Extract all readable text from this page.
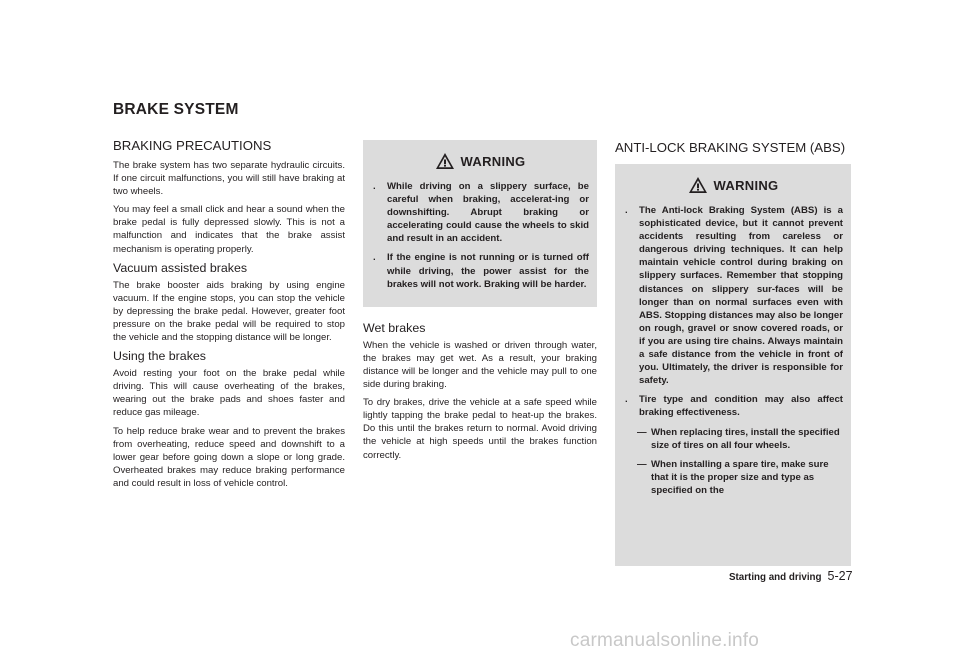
BRAKE SYSTEM
BRAKING PRECAUTIONS

The brake system has two separate hydraulic circuits. If one circuit malfunctions, you will still have braking at two wheels.

You may feel a small click and hear a sound when the brake pedal is fully depressed slowly. This is not a malfunction and indicates that the brake assist mechanism is operating properly.

Vacuum assisted brakes

The brake booster aids braking by using engine vacuum. If the engine stops, you can stop the vehicle by depressing the brake pedal. However, greater foot pressure on the brake pedal will be required to stop the vehicle and the stopping distance will be longer.

Using the brakes

Avoid resting your foot on the brake pedal while driving. This will cause overheating of the brakes, wearing out the brake pads and shoes faster and reduce gas mileage.

To help reduce brake wear and to prevent the brakes from overheating, reduce speed and downshift to a lower gear before going down a slope or long grade. Overheated brakes may reduce braking performance and could result in loss of vehicle control.

WARNING
.	While driving on a slippery surface, be careful when braking, accelerat-ing or downshifting. Abrupt braking or accelerating could cause the wheels to skid and result in an accident.
.	If the engine is not running or is turned off while driving, the power assist for the brakes will not work. Braking will be harder.
Wet brakes

When the vehicle is washed or driven through water, the brakes may get wet. As a result, your braking distance will be longer and the vehicle may pull to one side during braking.

To dry brakes, drive the vehicle at a safe speed while lightly tapping the brake pedal to heat-up the brakes. Do this until the brakes return to normal. Avoid driving the vehicle at high speeds until the brakes function correctly.

ANTI-LOCK BRAKING SYSTEM (ABS)
WARNING
.	The Anti-lock Braking System (ABS) is a sophisticated device, but it cannot prevent accidents resulting from careless or dangerous driving techniques. It can help maintain vehicle control during braking on slippery surfaces. Remember that stopping distances on slippery sur-faces will be longer than on normal surfaces even with ABS. Stopping distances may also be longer on rough, gravel or snow covered roads, or if you are using tire chains. Always maintain a safe distance from the vehicle in front of you. Ultimately, the driver is responsible for safety.
.	Tire type and condition may also affect braking effectiveness.
— When replacing tires, install the specified size of tires on all four wheels.
— When installing a spare tire, make sure that it is the proper size and type as specified on the
Starting and driving 5-27
carmanualsonline.info
